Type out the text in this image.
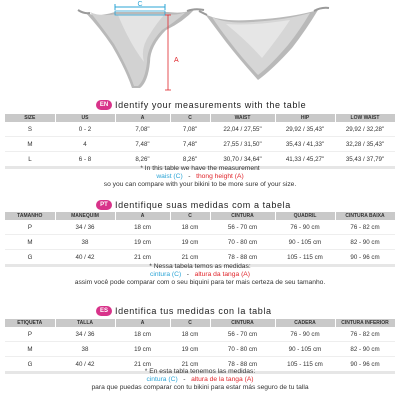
C
A
EN Identify your measurements with the table
SIZE	US	A	C	WAIST	HIP	LOW WAIST
S	0 - 2	7,08"	7,08"	22,04 / 27,55"	29,92 / 35,43"	29,92 / 32,28"
M	4	7,48"	7,48"	27,55 / 31,50"	35,43 / 41,33"	32,28 / 35,43"
L	6 - 8	8,26"	8,26"	30,70 / 34,64"	41,33 / 45,27"	35,43 / 37,79"

* In this table we have the measurement
waist (C) - thong height (A)
so you can compare with your bikini to be more sure of your size.
PT Identifique suas medidas com a tabela
TAMANHO	MANEQUIM	A	C	CINTURA	QUADRIL	CINTURA BAIXA
P	34 / 36	18 cm	18 cm	56 - 70 cm	76 - 90 cm	76 - 82 cm
M	38	19 cm	19 cm	70 - 80 cm	90 - 105 cm	82 - 90 cm
G	40 / 42	21 cm	21 cm	78 - 88 cm	105 - 115 cm	90 - 96 cm

* Nessa tabela temos as medidas:
cintura (C) - altura da tanga (A)
assim você pode comparar com o seu biquini para ter mais certeza de seu tamanho.
ES Identifica tus medidas con la tabla
ETIQUETA	TALLA	A	C	CINTURA	CADERA	CINTURA INFERIOR
P	34 / 36	18 cm	18 cm	56 - 70 cm	76 - 90 cm	76 - 82 cm
M	38	19 cm	19 cm	70 - 80 cm	90 - 105 cm	82 - 90 cm
G	40 / 42	21 cm	21 cm	78 - 88 cm	105 - 115 cm	90 - 96 cm

* En esta tabla tenemos las medidas:
cintura (C) - altura de la tanga (A)
para que puedas comparar con tu bikini para estar más seguro de tu talla
